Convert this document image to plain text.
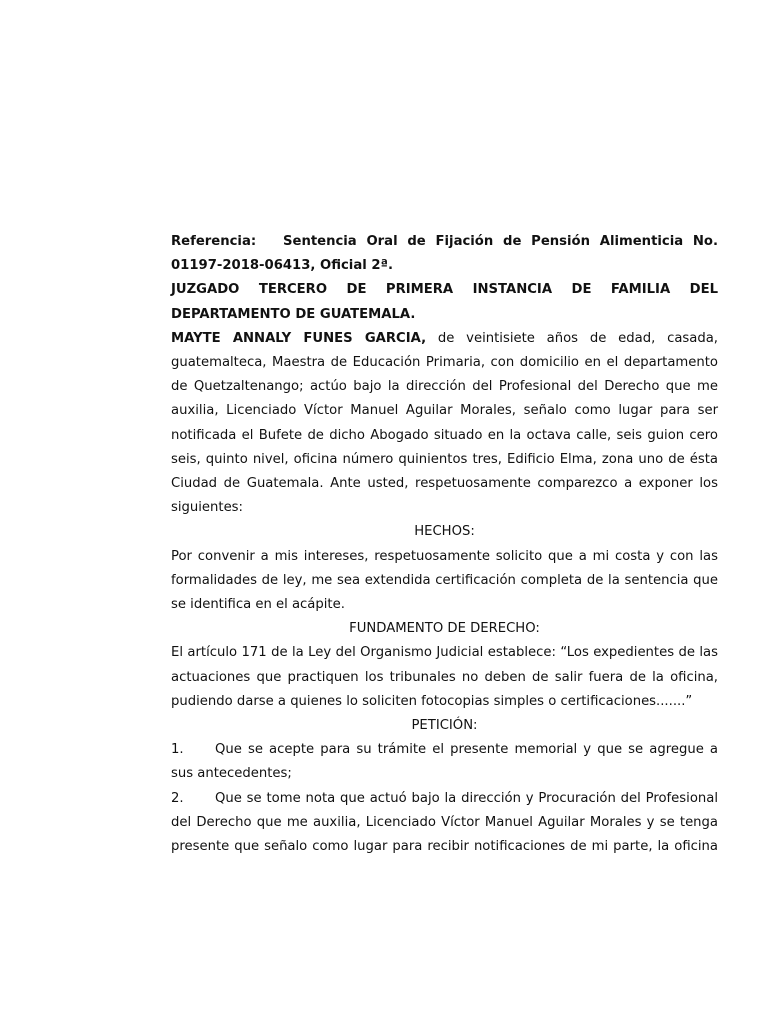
Referencia: Sentencia Oral de Fijación de Pensión Alimenticia No. 01197-2018-06413, Oficial 2ª.

JUZGADO TERCERO DE PRIMERA INSTANCIA DE FAMILIA DEL DEPARTAMENTO DE GUATEMALA.

MAYTE ANNALY FUNES GARCIA, de veintisiete años de edad, casada, guatemalteca, Maestra de Educación Primaria, con domicilio en el departamento de Quetzaltenango; actúo bajo la dirección del Profesional del Derecho que me auxilia, Licenciado Víctor Manuel Aguilar Morales, señalo como lugar para ser notificada el Bufete de dicho Abogado situado en la octava calle, seis guion cero seis, quinto nivel, oficina número quinientos tres, Edificio Elma, zona uno de ésta Ciudad de Guatemala. Ante usted, respetuosamente comparezco a exponer los siguientes:

HECHOS:

Por convenir a mis intereses, respetuosamente solicito que a mi costa y con las formalidades de ley, me sea extendida certificación completa de la sentencia que se identifica en el acápite.

FUNDAMENTO DE DERECHO:

El artículo 171 de la Ley del Organismo Judicial establece: “Los expedientes de las actuaciones que practiquen los tribunales no deben de salir fuera de la oficina, pudiendo darse a quienes lo soliciten fotocopias simples o certificaciones.......”

PETICIÓN:

1. Que se acepte para su trámite el presente memorial y que se agregue a sus antecedentes;

2. Que se tome nota que actuó bajo la dirección y Procuración del Profesional del Derecho que me auxilia, Licenciado Víctor Manuel Aguilar Morales y se tenga presente que señalo como lugar para recibir notificaciones de mi parte, la oficina
